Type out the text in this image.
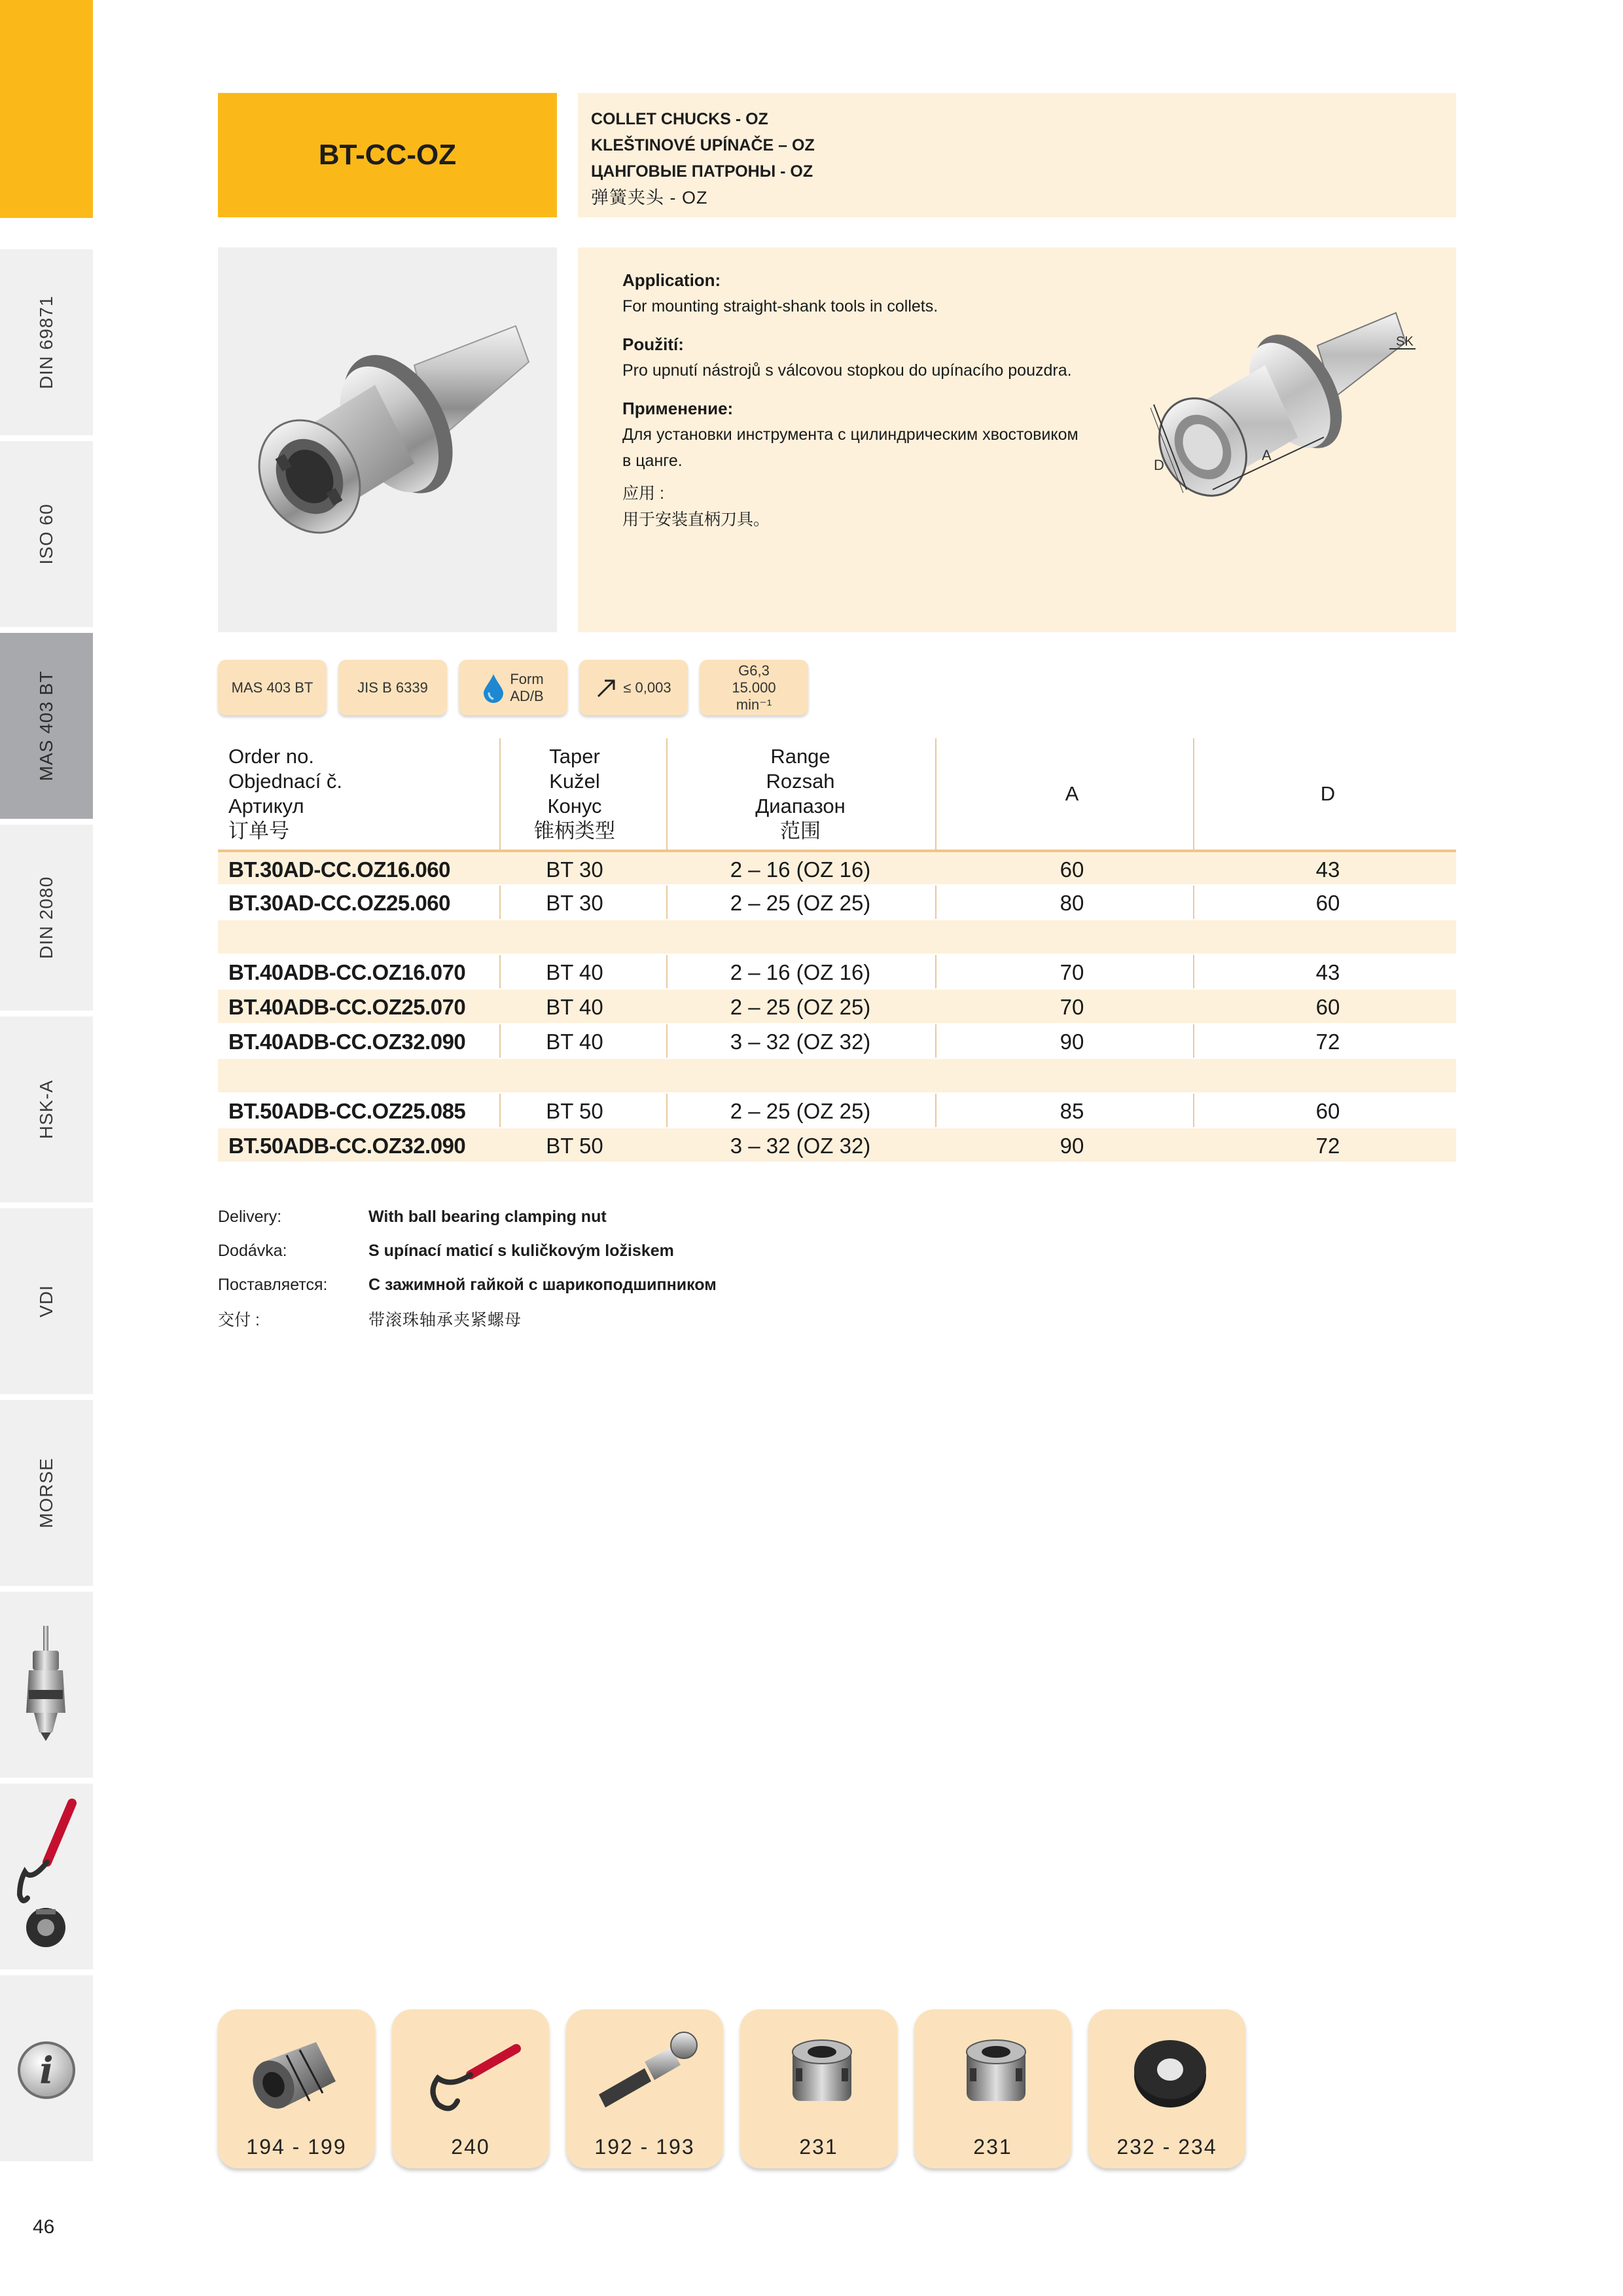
DIN 69871
ISO 60
MAS 403 BT
DIN 2080
HSK-A
VDI
MORSE
i
46
BT-CC-OZ
COLLET CHUCKS - OZ
KLEŠTINOVÉ UPÍNAČE – OZ
ЦАНГОВЫЕ ПАТРОНЫ - OZ
弹簧夹头 - OZ
Application:
For mounting straight-shank tools in collets.
Použití:
Pro upnutí nástrojů s válcovou stopkou do upínacího pouzdra.
Применение:
Для установки инструмента с цилиндрическим хвостовиком
в цанге.
应用 :
用于安装直柄刀具。
D
A
SK
MAS 403 BT	JIS B 6339
Form
AD/B
≤ 0,003
G6,3
15.000 min⁻¹
Order no.
Objednací č.
Артикул
订单号
Taper
Kužel
Конус
锥柄类型
Range
Rozsah
Диапазон
范围
A	D
BT.30AD-CC.OZ16.060	BT 30	2 – 16 (OZ 16)	60	43
BT.30AD-CC.OZ25.060	BT 30	2 – 25 (OZ 25)	80	60
BT.40ADB-CC.OZ16.070	BT 40	2 – 16 (OZ 16)	70	43
BT.40ADB-CC.OZ25.070	BT 40	2 – 25 (OZ 25)	70	60
BT.40ADB-CC.OZ32.090	BT 40	3 – 32 (OZ 32)	90	72
BT.50ADB-CC.OZ25.085	BT 50	2 – 25 (OZ 25)	85	60
BT.50ADB-CC.OZ32.090	BT 50	3 – 32 (OZ 32)	90	72
Delivery:	With ball bearing clamping nut
Dodávka:	S upínací maticí s kuličkovým ložiskem
Поставляется:	С зажимной гайкой с шарикоподшипником
交付 :	带滚珠轴承夹紧螺母
194 - 199	240	192 - 193	231	231	232 - 234
